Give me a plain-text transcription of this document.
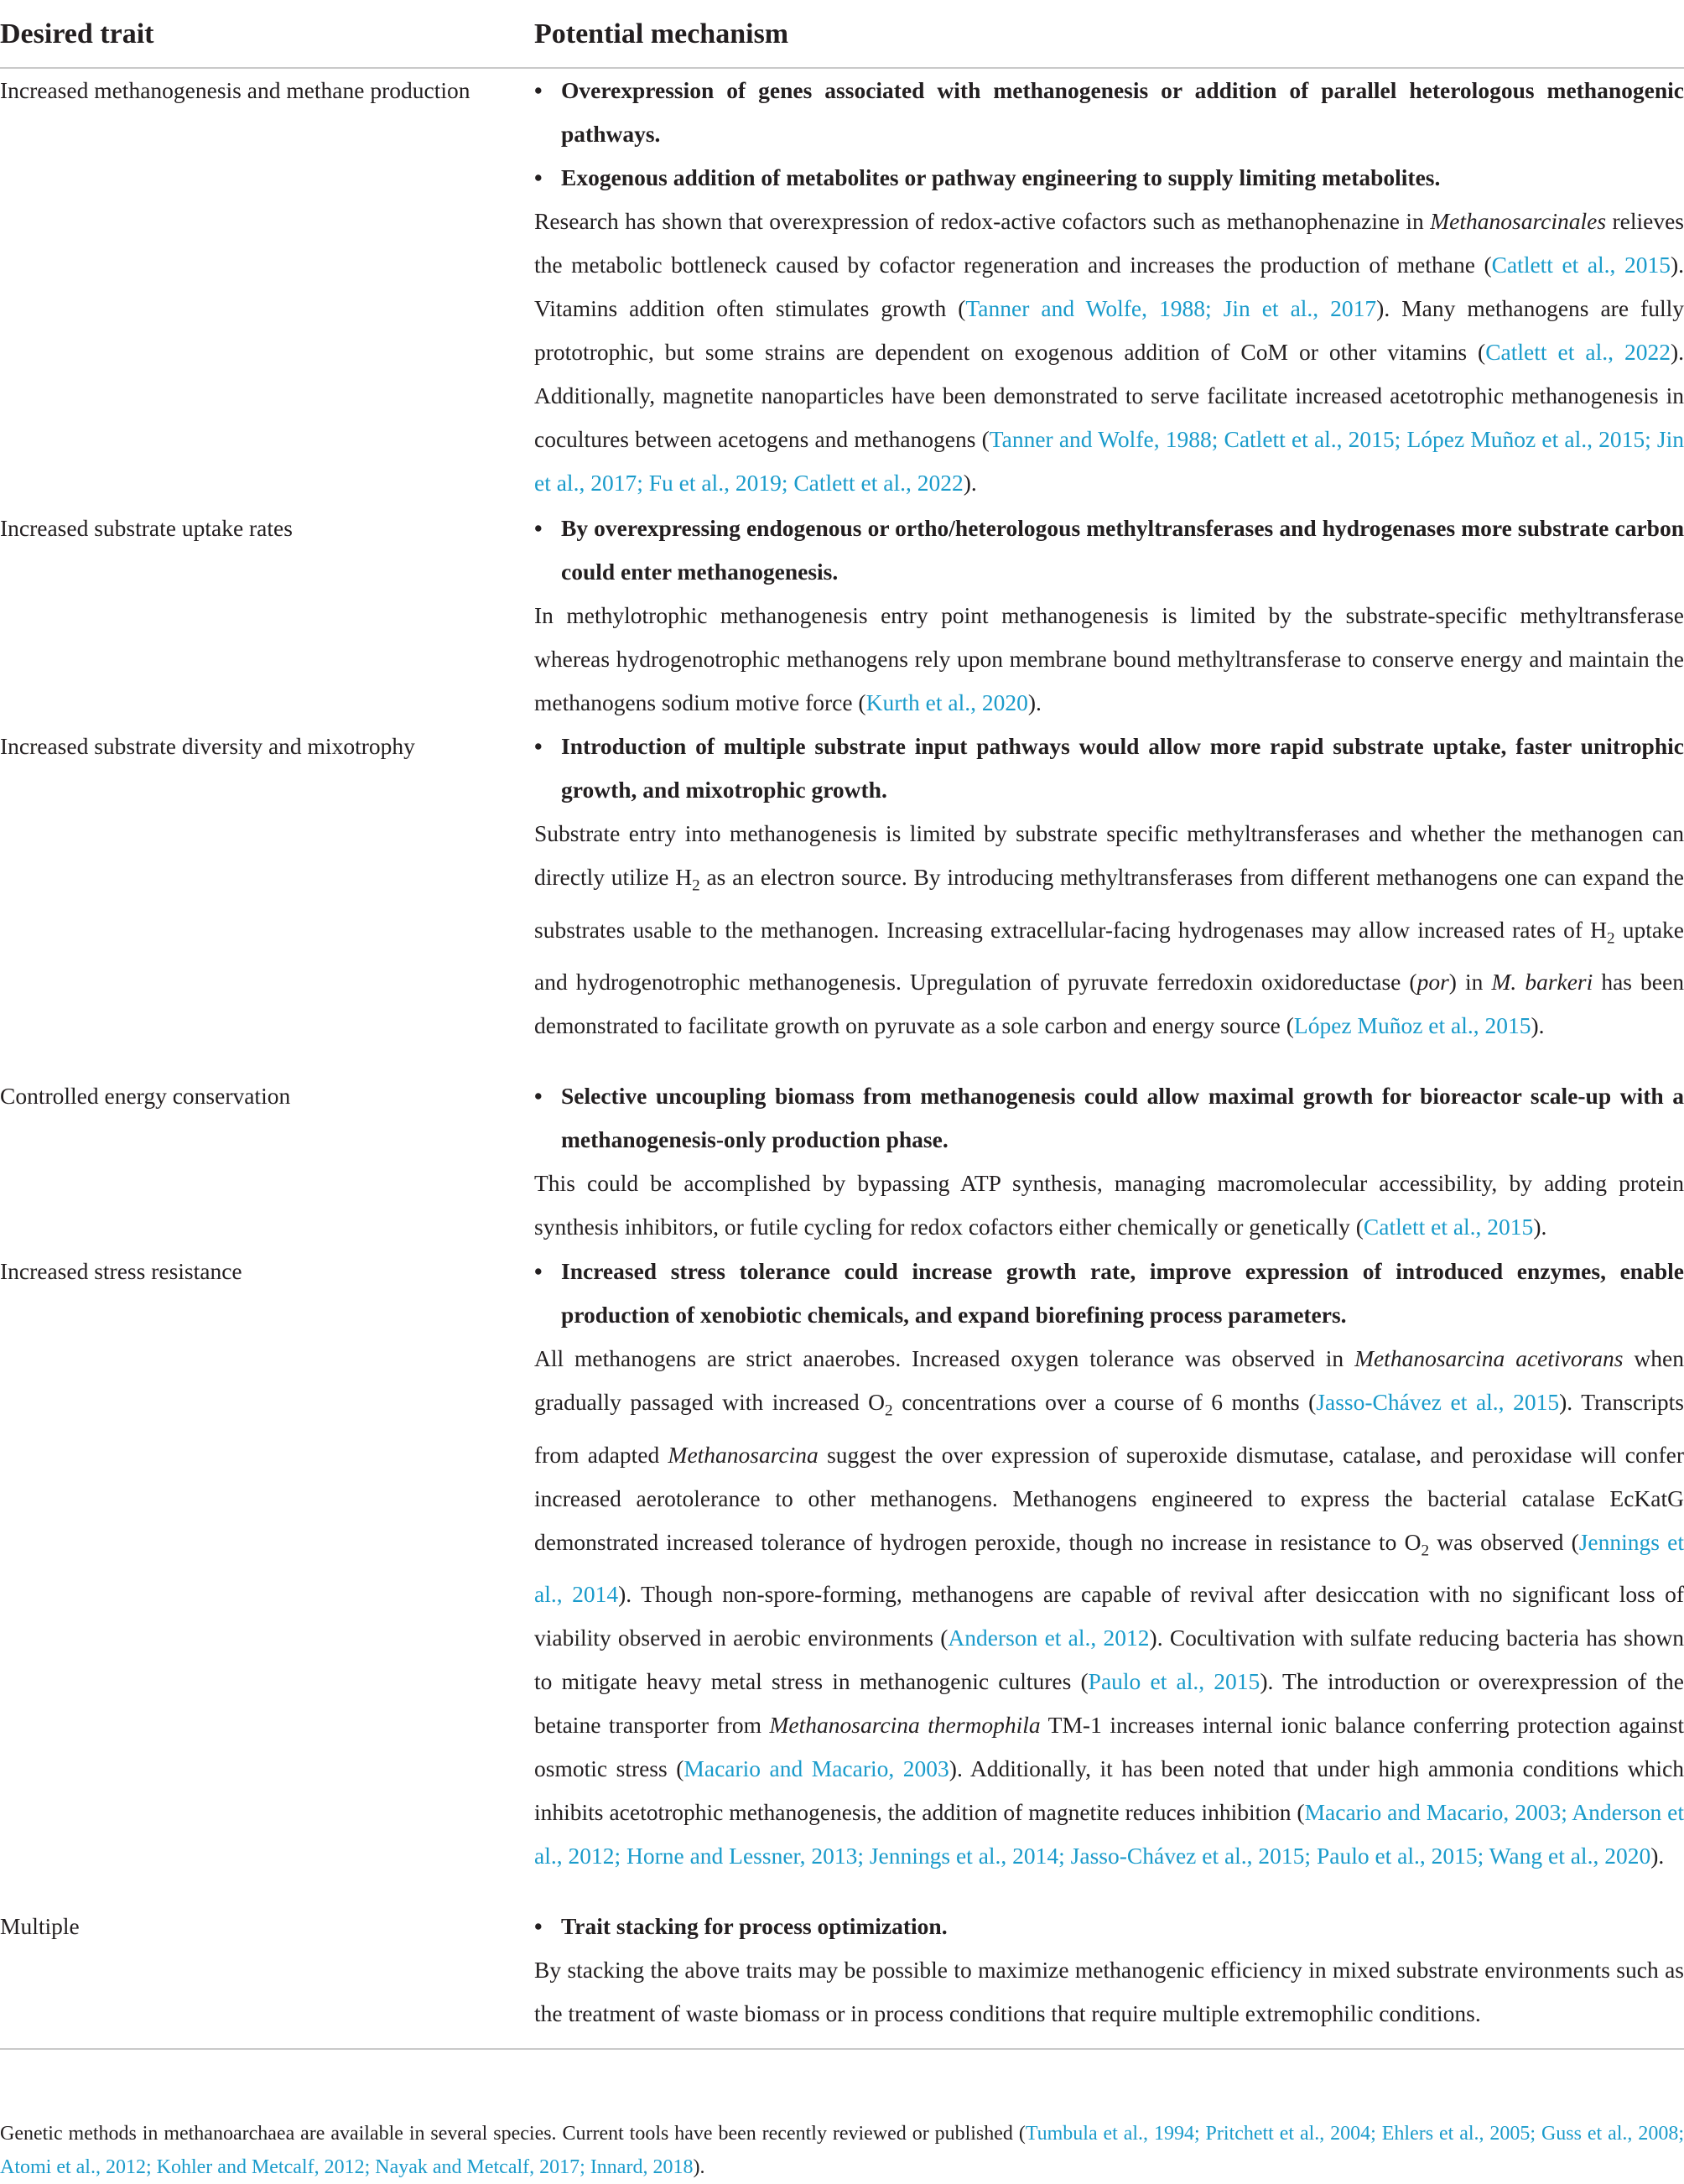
Desired trait	Potential mechanism
Increased methanogenesis and methane production	• Overexpression of genes associated with methanogenesis or addition of parallel heterologous methanogenic pathways.
• Exogenous addition of metabolites or pathway engineering to supply limiting metabolites.

Research has shown that overexpression of redox-active cofactors such as methanophenazine in Methanosarcinales relieves the metabolic bottleneck caused by cofactor regeneration and increases the production of methane (Catlett et al., 2015). Vitamins addition often stimulates growth (Tanner and Wolfe, 1988; Jin et al., 2017). Many methanogens are fully prototrophic, but some strains are dependent on exogenous addition of CoM or other vitamins (Catlett et al., 2022). Additionally, magnetite nanoparticles have been demonstrated to serve facilitate increased acetotrophic methanogenesis in cocultures between acetogens and methanogens (Tanner and Wolfe, 1988; Catlett et al., 2015; López Muñoz et al., 2015; Jin et al., 2017; Fu et al., 2019; Catlett et al., 2022).

Increased substrate uptake rates	• By overexpressing endogenous or ortho/heterologous methyltransferases and hydrogenases more substrate carbon could enter methanogenesis.

In methylotrophic methanogenesis entry point methanogenesis is limited by the substrate-specific methyltransferase whereas hydrogenotrophic methanogens rely upon membrane bound methyltransferase to conserve energy and maintain the methanogens sodium motive force (Kurth et al., 2020).

Increased substrate diversity and mixotrophy	• Introduction of multiple substrate input pathways would allow more rapid substrate uptake, faster unitrophic growth, and mixotrophic growth.

Substrate entry into methanogenesis is limited by substrate specific methyltransferases and whether the methanogen can directly utilize $H_2$ as an electron source. By introducing methyltransferases from different methanogens one can expand the substrates usable to the methanogen. Increasing extracellular-facing hydrogenases may allow increased rates of $H_2$ uptake and hydrogenotrophic methanogenesis. Upregulation of pyruvate ferredoxin oxidoreductase (por) in M. barkeri has been demonstrated to facilitate growth on pyruvate as a sole carbon and energy source (López Muñoz et al., 2015).

Controlled energy conservation	• Selective uncoupling biomass from methanogenesis could allow maximal growth for bioreactor scale-up with a methanogenesis-only production phase.

This could be accomplished by bypassing ATP synthesis, managing macromolecular accessibility, by adding protein synthesis inhibitors, or futile cycling for redox cofactors either chemically or genetically (Catlett et al., 2015).

Increased stress resistance	• Increased stress tolerance could increase growth rate, improve expression of introduced enzymes, enable production of xenobiotic chemicals, and expand biorefining process parameters.

All methanogens are strict anaerobes. Increased oxygen tolerance was observed in Methanosarcina acetivorans when gradually passaged with increased $O_2$ concentrations over a course of 6 months (Jasso-Chávez et al., 2015). Transcripts from adapted Methanosarcina suggest the over expression of superoxide dismutase, catalase, and peroxidase will confer increased aerotolerance to other methanogens. Methanogens engineered to express the bacterial catalase EcKatG demonstrated increased tolerance of hydrogen peroxide, though no increase in resistance to $O_2$ was observed (Jennings et al., 2014). Though non-spore-forming, methanogens are capable of revival after desiccation with no significant loss of viability observed in aerobic environments (Anderson et al., 2012). Cocultivation with sulfate reducing bacteria has shown to mitigate heavy metal stress in methanogenic cultures (Paulo et al., 2015). The introduction or overexpression of the betaine transporter from Methanosarcina thermophila TM-1 increases internal ionic balance conferring protection against osmotic stress (Macario and Macario, 2003). Additionally, it has been noted that under high ammonia conditions which inhibits acetotrophic methanogenesis, the addition of magnetite reduces inhibition (Macario and Macario, 2003; Anderson et al., 2012; Horne and Lessner, 2013; Jennings et al., 2014; Jasso-Chávez et al., 2015; Paulo et al., 2015; Wang et al., 2020).

Multiple	• Trait stacking for process optimization.

By stacking the above traits may be possible to maximize methanogenic efficiency in mixed substrate environments such as the treatment of waste biomass or in process conditions that require multiple extremophilic conditions.

Genetic methods in methanoarchaea are available in several species. Current tools have been recently reviewed or published (Tumbula et al., 1994; Pritchett et al., 2004; Ehlers et al., 2005; Guss et al., 2008; Atomi et al., 2012; Kohler and Metcalf, 2012; Nayak and Metcalf, 2017; Innard, 2018).
